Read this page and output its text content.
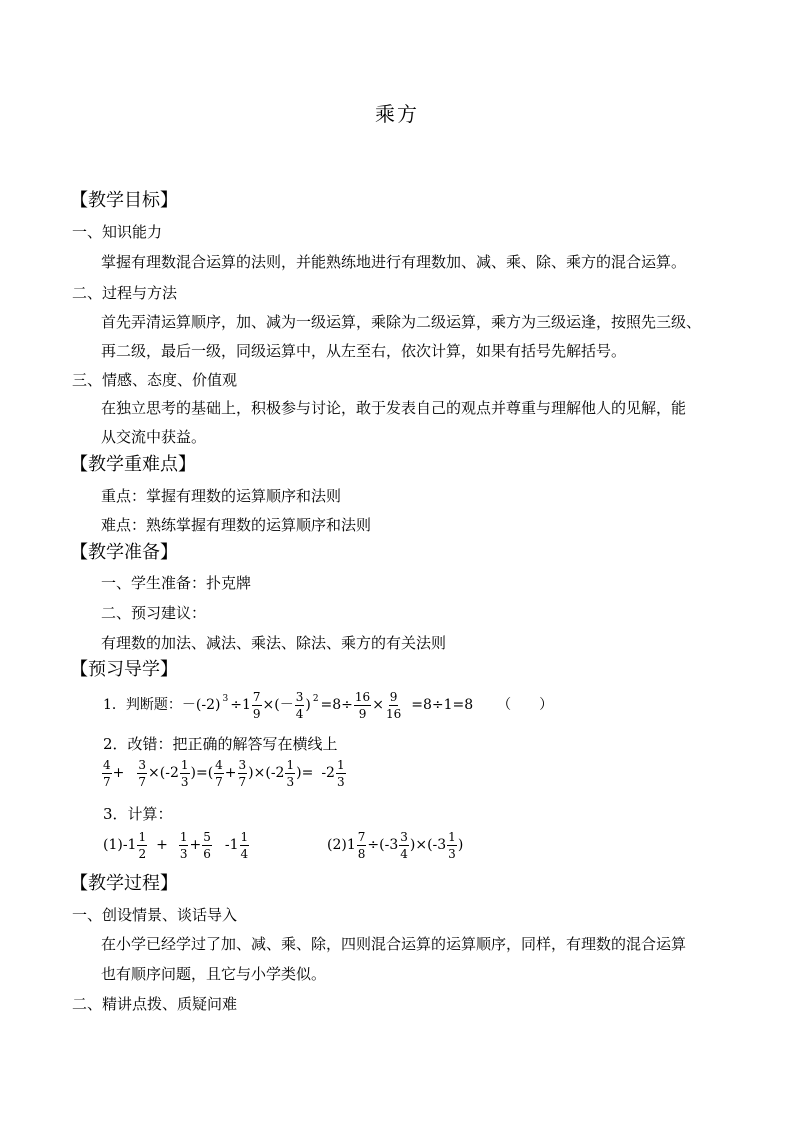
乘方
【教学目标】
一、知识能力
掌握有理数混合运算的法则，并能熟练地进行有理数加、减、乘、除、乘方的混合运算。
二、过程与方法
首先弄清运算顺序，加、减为一级运算，乘除为二级运算，乘方为三级运逢，按照先三级、
再二级，最后一级，同级运算中，从左至右，依次计算，如果有括号先解括号。
三、情感、态度、价值观
在独立思考的基础上，积极参与讨论，敢于发表自己的观点并尊重与理解他人的见解，能
从交流中获益。
【教学重难点】
重点：掌握有理数的运算顺序和法则
难点：熟练掌握有理数的运算顺序和法则
【教学准备】
一、学生准备：扑克牌
二、预习建议：
有理数的加法、减法、乘法、除法、乘方的有关法则
【预习导学】
1．判断题： －(-2) $3 \div 1 \frac{7}{9}$ ×(－ $\frac{3}{4}$ ) $2 =8\div \frac{16}{9} \times \frac{9}{16} =8\div 1=8$ （　　）
2．改错：把正确的解答写在横线上
$\frac{4}{7} + \frac{3}{7} \times(-2 \frac{1}{3}$ )=( $\frac{4}{7} + \frac{3}{7} )\times(-2 \frac{1}{3}$ )= $-2 \frac{1}{3}$
3．计算：
$(1)-1 \frac{1}{2} + \frac{1}{3} + \frac{5}{6} -1 \frac{1}{4}$	$(2)1 \frac{7}{8} \div(-3 \frac{3}{4} )\times(-3 \frac{1}{3}$ )
【教学过程】
一、创设情景、谈话导入
在小学已经学过了加、减、乘、除，四则混合运算的运算顺序，同样，有理数的混合运算
也有顺序问题，且它与小学类似。
二、精讲点拨、质疑问难
